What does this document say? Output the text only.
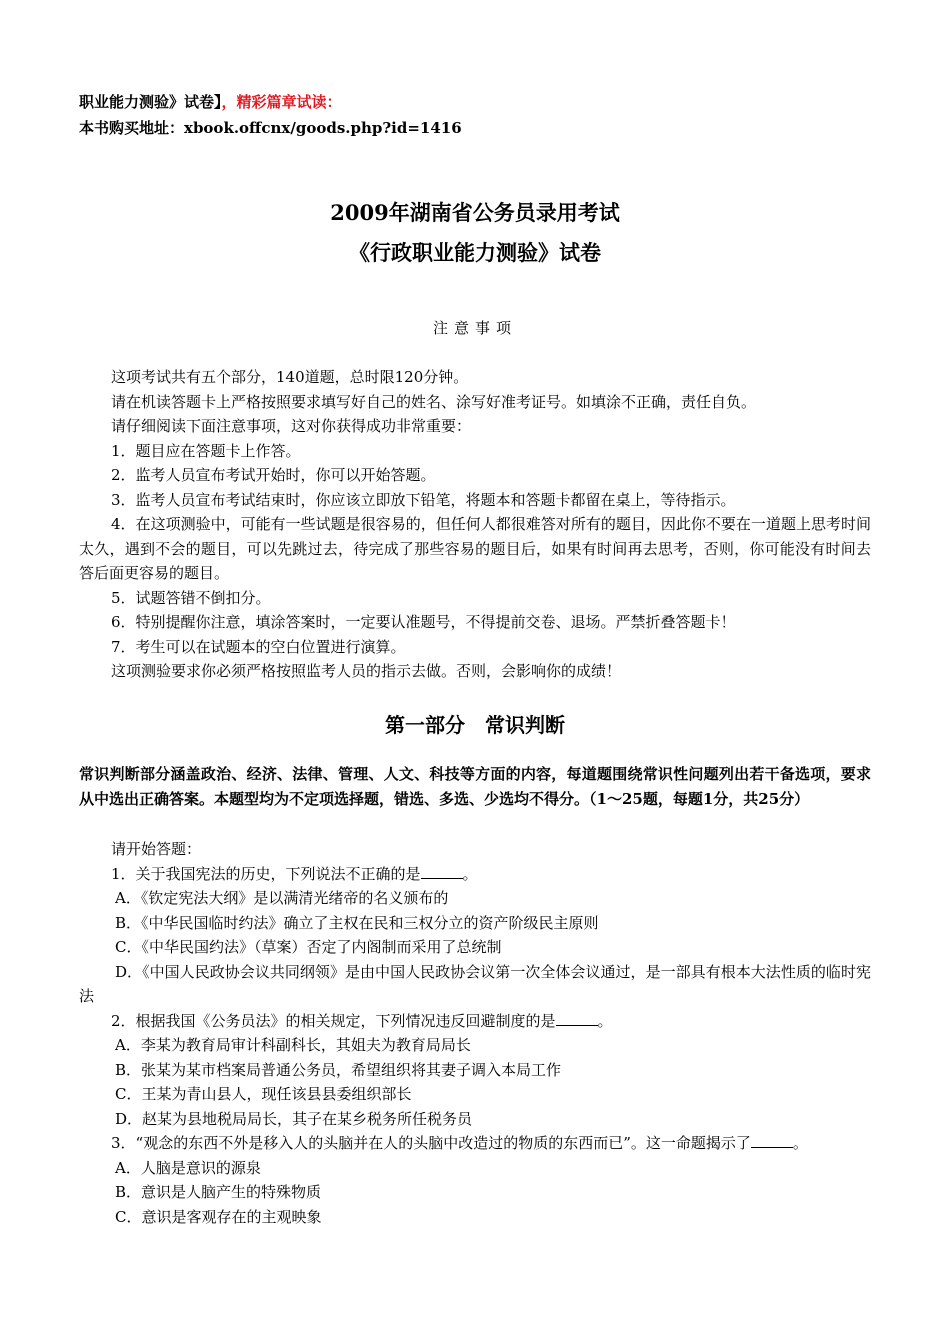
职业能力测验》试卷】，精彩篇章试读：
本书购买地址：xbook.offcnx/goods.php?id=1416
2009年湖南省公务员录用考试
《行政职业能力测验》试卷
注意事项
这项考试共有五个部分，140道题，总时限120分钟。
请在机读答题卡上严格按照要求填写好自己的姓名、涂写好准考证号。如填涂不正确，责任自负。
请仔细阅读下面注意事项，这对你获得成功非常重要：
1．题目应在答题卡上作答。
2．监考人员宣布考试开始时，你可以开始答题。
3．监考人员宣布考试结束时，你应该立即放下铅笔，将题本和答题卡都留在桌上，等待指示。
4．在这项测验中，可能有一些试题是很容易的，但任何人都很难答对所有的题目，因此你不要在一道题上思考时间太久，遇到不会的题目，可以先跳过去，待完成了那些容易的题目后，如果有时间再去思考，否则，你可能没有时间去答后面更容易的题目。
5．试题答错不倒扣分。
6．特别提醒你注意，填涂答案时，一定要认准题号，不得提前交卷、退场。严禁折叠答题卡！
7．考生可以在试题本的空白位置进行演算。
这项测验要求你必须严格按照监考人员的指示去做。否则，会影响你的成绩！
第一部分　常识判断
常识判断部分涵盖政治、经济、法律、管理、人文、科技等方面的内容，每道题围绕常识性问题列出若干备选项，要求从中选出正确答案。本题型均为不定项选择题，错选、多选、少选均不得分。（1～25题，每题1分，共25分）
请开始答题：
1．关于我国宪法的历史，下列说法不正确的是	。
A．《钦定宪法大纲》是以满清光绪帝的名义颁布的
B．《中华民国临时约法》确立了主权在民和三权分立的资产阶级民主原则
C．《中华民国约法》（草案）否定了内阁制而采用了总统制
D．《中国人民政协会议共同纲领》是由中国人民政协会议第一次全体会议通过，是一部具有根本大法性质的临时宪法
2．根据我国《公务员法》的相关规定，下列情况违反回避制度的是	。
A．李某为教育局审计科副科长，其姐夫为教育局局长
B．张某为某市档案局普通公务员，希望组织将其妻子调入本局工作
C．王某为青山县人，现任该县县委组织部长
D．赵某为县地税局局长，其子在某乡税务所任税务员
3．“观念的东西不外是移入人的头脑并在人的头脑中改造过的物质的东西而已”。这一命题揭示了	。
A．人脑是意识的源泉
B．意识是人脑产生的特殊物质
C．意识是客观存在的主观映象
